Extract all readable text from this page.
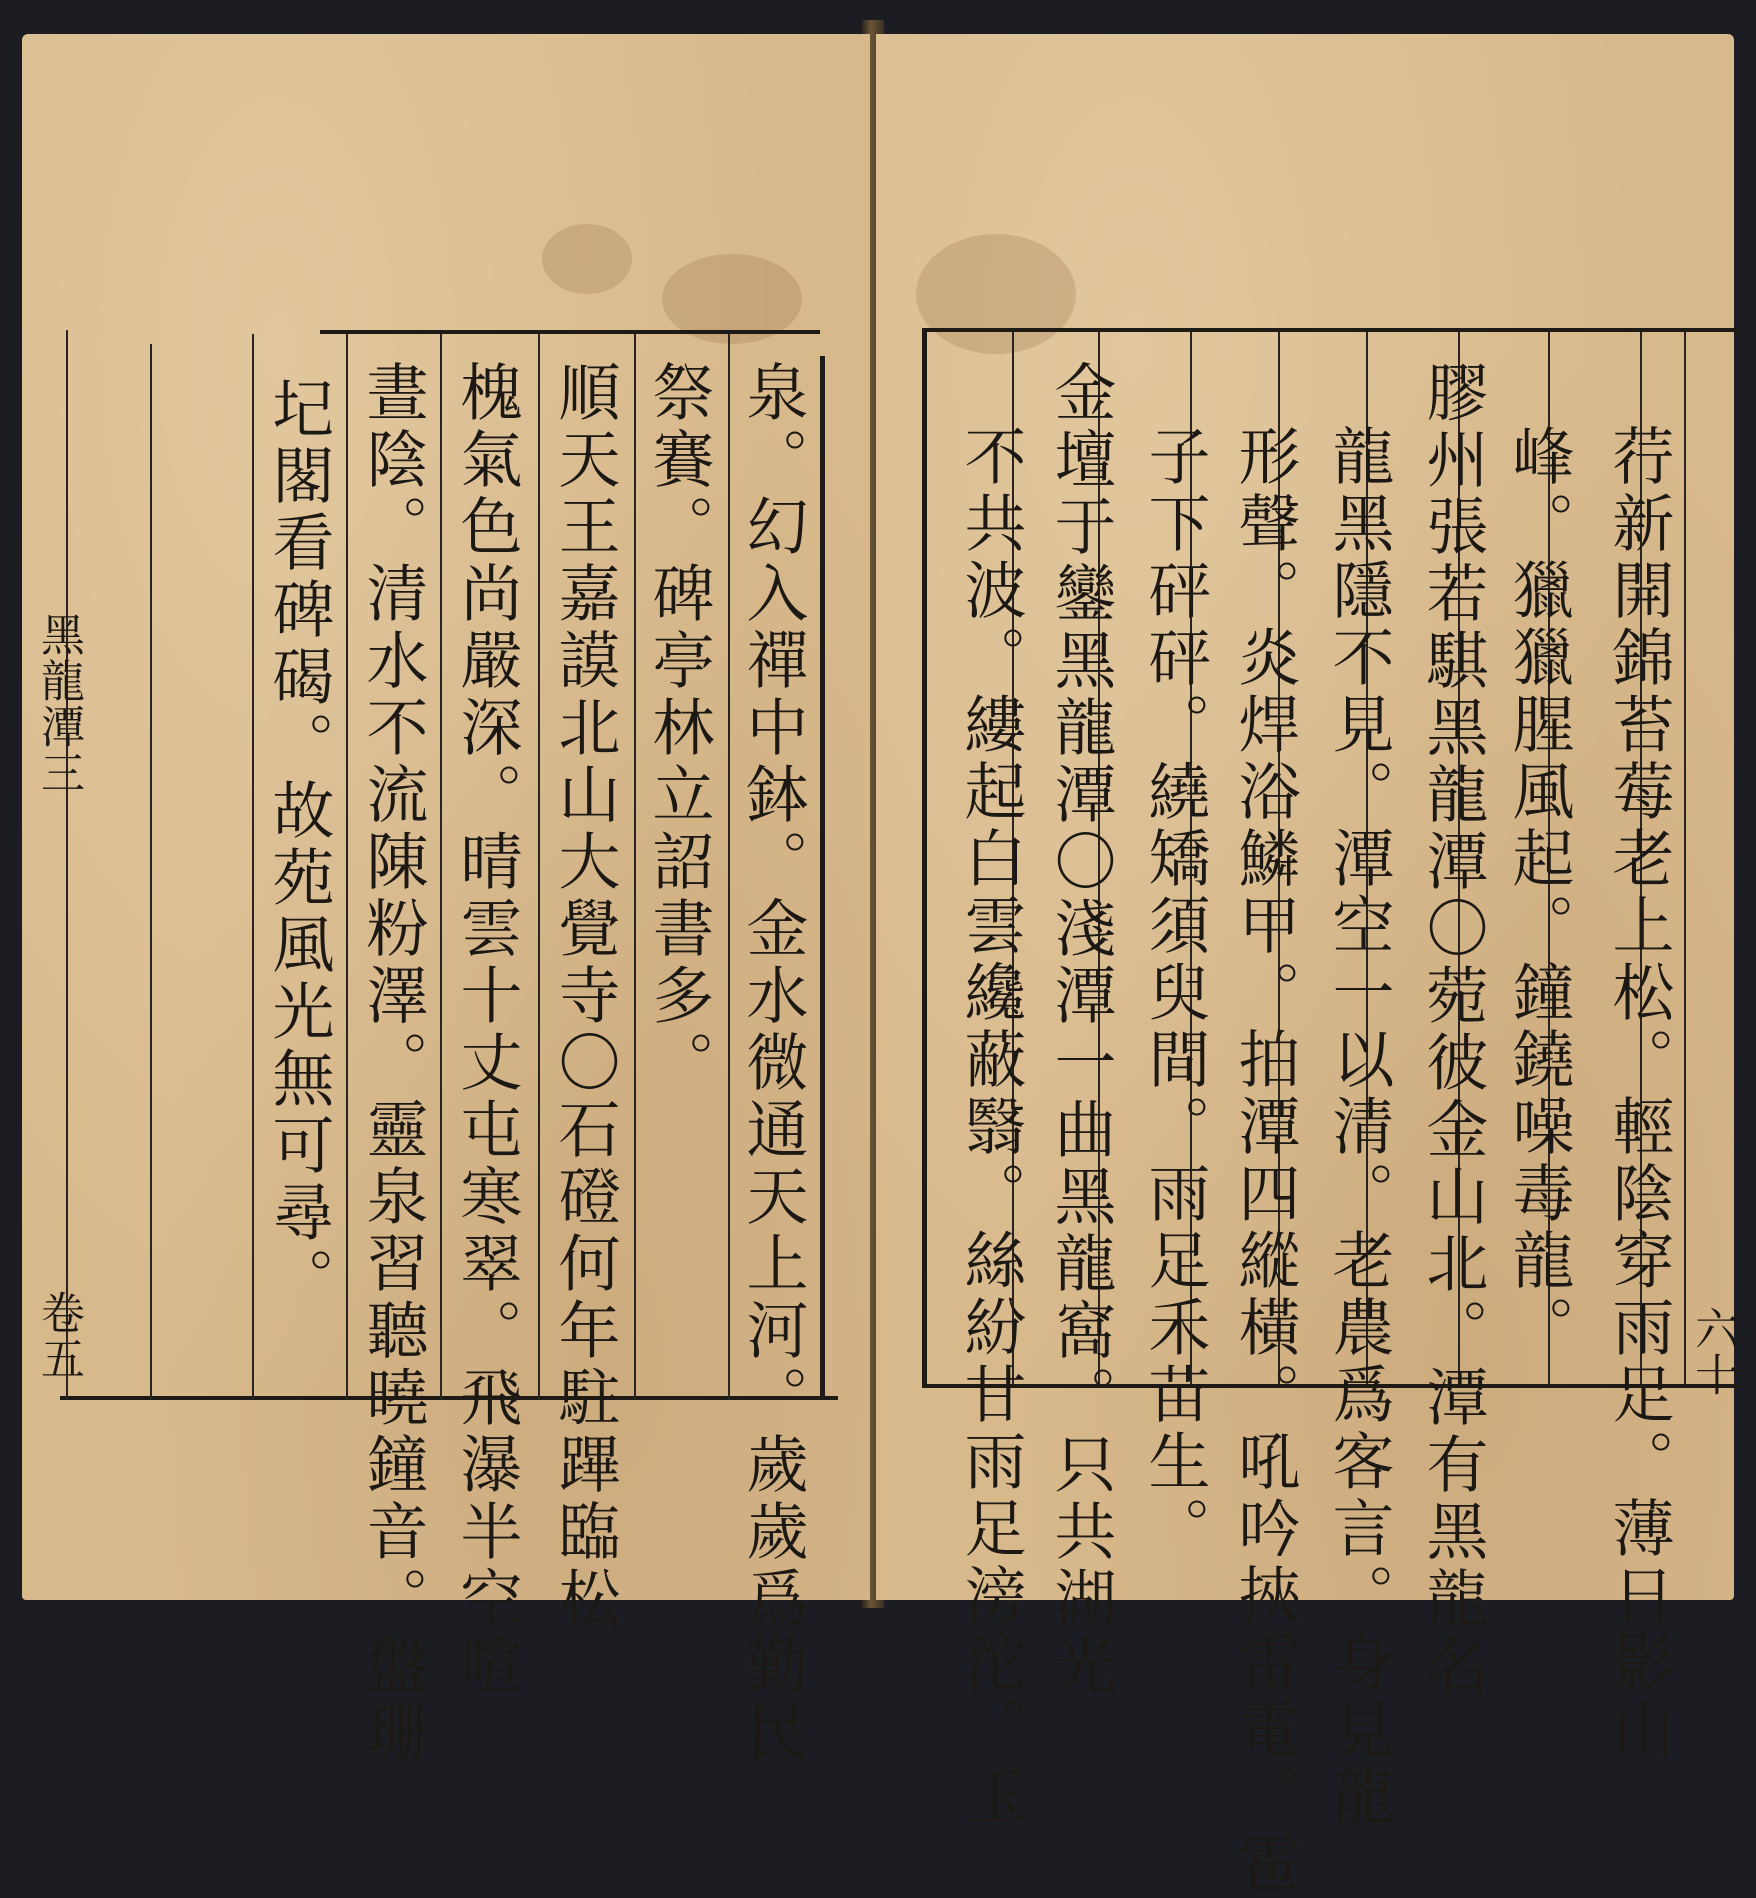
黑龍潭三
卷五	泉。幻入禪中鉢。金水微通天上河。歲歲爲勤民
祭賽。碑亭林立詔書多。
順天王嘉謨北山大覺寺〇石磴何年駐蹕臨松
槐氣色尚嚴深。晴雲十丈屯寒翠。飛瀑半空喧
晝陰。清水不流陳粉澤。靈泉習聽曉鐘音。盤珊
圮閣看碑碣。故苑風光無可尋。
六十
荇新開錦苔莓老上松。輕陰穿雨足。薄日影山
峰。獵獵腥風起。鐘鐃噪毒龍。
膠州張若騏黑龍潭〇菀彼金山北。潭有黑龍名
龍黑隱不見。潭空一以清。老農爲客言。身見龍
形聲。炎焊浴鱗甲。拍潭四縱橫。吼吟挾雷電。雹
子下砰砰。繞矯須臾間。雨足禾苗生。
金壇于鑾黑龍潭〇淺潭一曲黑龍窩。只共湖光
不共波。縷起白雲纔蔽翳。絲紛甘雨足滂沱。玉
